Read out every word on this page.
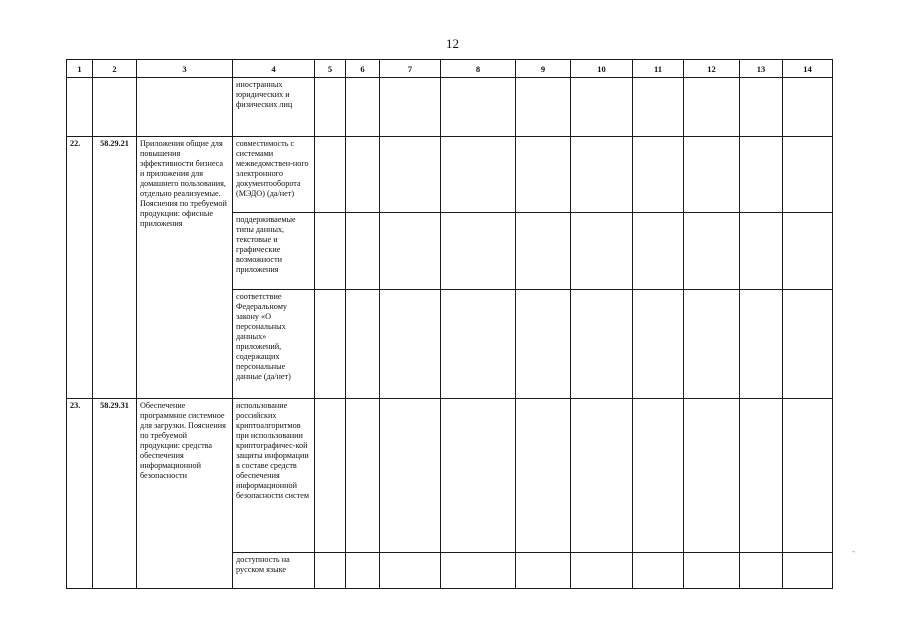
12
1	2	3	4	5	6	7	8	9	10	11	12	13	14
			иностранных юридических и физических лиц										
22.	58.29.21	Приложения общие для повышения эффективности бизнеса и приложения для домашнего пользования, отдельно реализуемые. Пояснения по требуемой продукции: офисные приложения	совместимость с системами межведомствен-ного электронного документооборота (МЭДО) (да/нет)										
			поддерживаемые типы данных, текстовые и графические возможности приложения										
			соответствие Федеральному закону «О персональных данных» приложений, содержащих персональные данные (да/нет)										
23.	58.29.31	Обеспечение программное системное для загрузки. Пояснения по требуемой продукции: средства обеспечения информационной безопасности	использование российских криптоалгоритмов при использовании криптографичес-кой защиты информации в составе средств обеспечения информационной безопасности систем										
			доступность на русском языке										
-
